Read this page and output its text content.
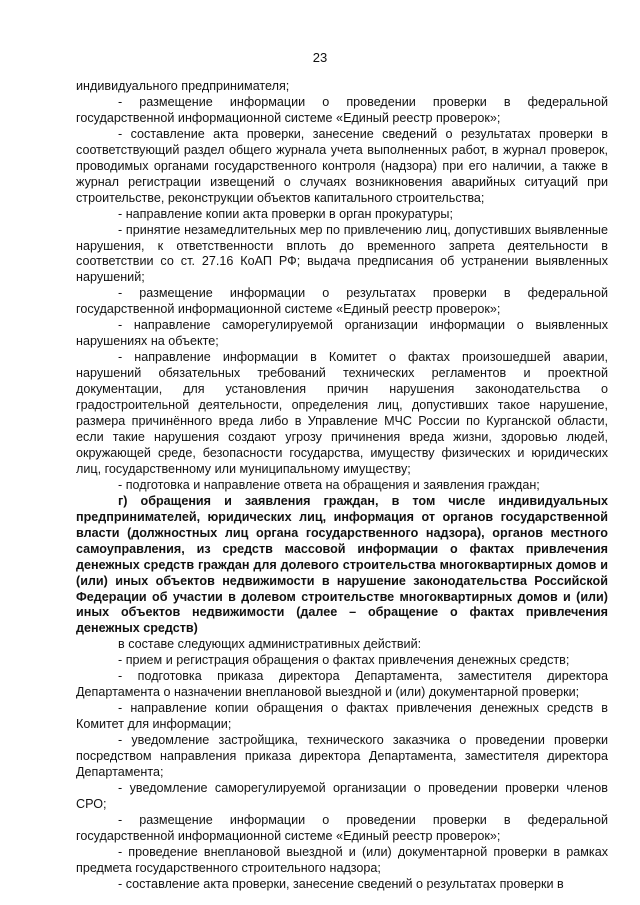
23

индивидуального предпринимателя;

- размещение информации о проведении проверки в федеральной государственной информационной системе «Единый реестр проверок»;

- составление акта проверки, занесение сведений о результатах проверки в соответствующий раздел общего журнала учета выполненных работ, в журнал проверок, проводимых органами государственного контроля (надзора) при его наличии, а также в журнал регистрации извещений о случаях возникновения аварийных ситуаций при строительстве, реконструкции объектов капитального строительства;

- направление копии акта проверки в орган прокуратуры;

- принятие незамедлительных мер по привлечению лиц, допустивших выявленные нарушения, к ответственности вплоть до временного запрета деятельности в соответствии со ст. 27.16 КоАП РФ; выдача предписания об устранении выявленных нарушений;

- размещение информации о результатах проверки в федеральной государственной информационной системе «Единый реестр проверок»;

- направление саморегулируемой организации информации о выявленных нарушениях на объекте;

- направление информации в Комитет о фактах произошедшей аварии, нарушений обязательных требований технических регламентов и проектной документации, для установления причин нарушения законодательства о градостроительной деятельности, определения лиц, допустивших такое нарушение, размера причинённого вреда либо в Управление МЧС России по Курганской области, если такие нарушения создают угрозу причинения вреда жизни, здоровью людей, окружающей среде, безопасности государства, имуществу физических и юридических лиц, государственному или муниципальному имуществу;

- подготовка и направление ответа на обращения и заявления граждан;

г) обращения и заявления граждан, в том числе индивидуальных предпринимателей, юридических лиц, информация от органов государственной власти (должностных лиц органа государственного надзора), органов местного самоуправления, из средств массовой информации о фактах привлечения денежных средств граждан для долевого строительства многоквартирных домов и (или) иных объектов недвижимости в нарушение законодательства Российской Федерации об участии в долевом строительстве многоквартирных домов и (или) иных объектов недвижимости (далее – обращение о фактах привлечения денежных средств)

в составе следующих административных действий:

- прием и регистрация обращения о фактах привлечения денежных средств;

- подготовка приказа директора Департамента, заместителя директора Департамента о назначении внеплановой выездной и (или) документарной проверки;

- направление копии обращения о фактах привлечения денежных средств в Комитет для информации;

- уведомление застройщика, технического заказчика о проведении проверки посредством направления приказа директора Департамента, заместителя директора Департамента;

- уведомление саморегулируемой организации о проведении проверки членов СРО;

- размещение информации о проведении проверки в федеральной государственной информационной системе «Единый реестр проверок»;

- проведение внеплановой выездной и (или) документарной проверки в рамках предмета государственного строительного надзора;

- составление акта проверки, занесение сведений о результатах проверки в
